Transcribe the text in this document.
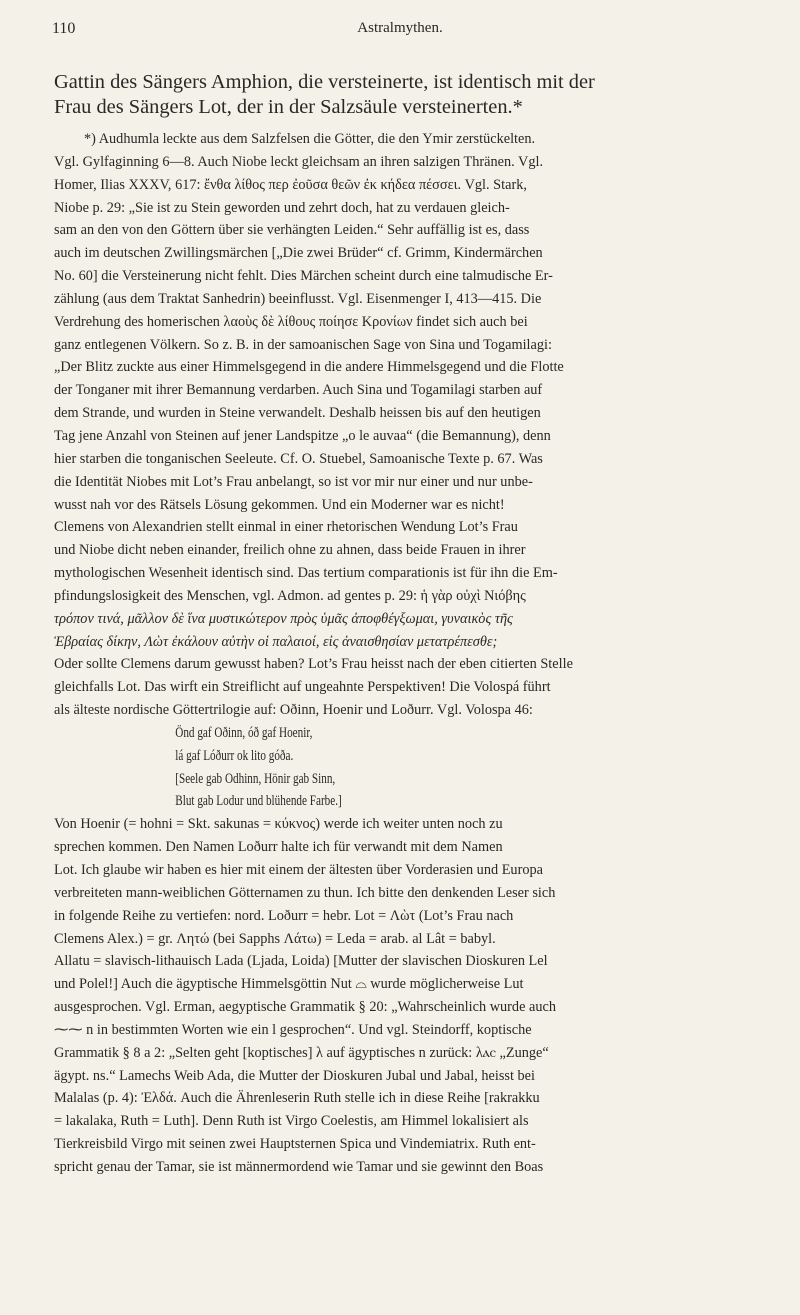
110	Astralmythen.

Gattin des Sängers Amphion, die versteinerte, ist identisch mit der
Frau des Sängers Lot, der in der Salzsäule versteinerten.*

*) Audhumla leckte aus dem Salzfelsen die Götter, die den Ymir zerstückelten.
Vgl. Gylfaginning 6—8. Auch Niobe leckt gleichsam an ihren salzigen Thränen. Vgl.
Homer, Ilias XXXV, 617: ἔνθα λίθος περ ἐοῦσα θεῶν ἐκ κήδεα πέσσει. Vgl. Stark,
Niobe p. 29: „Sie ist zu Stein geworden und zehrt doch, hat zu verdauen gleich-
sam an den von den Göttern über sie verhängten Leiden.“ Sehr auffällig ist es, dass
auch im deutschen Zwillingsmärchen [„Die zwei Brüder“ cf. Grimm, Kindermärchen
No. 60] die Versteinerung nicht fehlt. Dies Märchen scheint durch eine talmudische Er-
zählung (aus dem Traktat Sanhedrin) beeinflusst. Vgl. Eisenmenger I, 413—415. Die
Verdrehung des homerischen λαοὺς δὲ λίθους ποίησε Κρονίων findet sich auch bei
ganz entlegenen Völkern. So z. B. in der samoanischen Sage von Sina und Togamilagi:
„Der Blitz zuckte aus einer Himmelsgegend in die andere Himmelsgegend und die Flotte
der Tonganer mit ihrer Bemannung verdarben. Auch Sina und Togamilagi starben auf
dem Strande, und wurden in Steine verwandelt. Deshalb heissen bis auf den heutigen
Tag jene Anzahl von Steinen auf jener Landspitze „o le auvaa“ (die Bemannung), denn
hier starben die tonganischen Seeleute. Cf. O. Stuebel, Samoanische Texte p. 67. Was
die Identität Niobes mit Lot’s Frau anbelangt, so ist vor mir nur einer und nur unbe-
wusst nah vor des Rätsels Lösung gekommen. Und ein Moderner war es nicht!
Clemens von Alexandrien stellt einmal in einer rhetorischen Wendung Lot’s Frau
und Niobe dicht neben einander, freilich ohne zu ahnen, dass beide Frauen in ihrer
mythologischen Wesenheit identisch sind. Das tertium comparationis ist für ihn die Em-
pfindungslosigkeit des Menschen, vgl. Admon. ad gentes p. 29: ἡ γὰρ οὐχὶ Νιόβης
τρόπον τινά, μᾶλλον δὲ ἵνα μυστικώτερον πρὸς ὑμᾶς ἀποφθέγξωμαι, γυναικὸς τῆς
Ἑβραίας δίκην, Λὼτ ἐκάλουν αὐτὴν οἱ παλαιοί, εἰς ἀναισθησίαν μετατρέπεσθε;
Oder sollte Clemens darum gewusst haben? Lot’s Frau heisst nach der eben citierten Stelle
gleichfalls Lot. Das wirft ein Streiflicht auf ungeahnte Perspektiven! Die Volospá führt
als älteste nordische Göttertrilogie auf: Oðinn, Hoenir und Loðurr. Vgl. Volospa 46:
Önd gaf Oðinn, óð gaf Hoenir,
lá gaf Lóðurr ok lito góða.
[Seele gab Odhinn, Hönir gab Sinn,
Blut gab Lodur und blühende Farbe.]
Von Hoenir (= hohni = Skt. sakunas = κύκνος) werde ich weiter unten noch zu
sprechen kommen. Den Namen Loðurr halte ich für verwandt mit dem Namen
Lot. Ich glaube wir haben es hier mit einem der ältesten über Vorderasien und Europa
verbreiteten mann-weiblichen Götternamen zu thun. Ich bitte den denkenden Leser sich
in folgende Reihe zu vertiefen: nord. Loðurr = hebr. Lot = Λὼτ (Lot’s Frau nach
Clemens Alex.) = gr. Λητώ (bei Sapphs Λάτω) = Leda = arab. al Lât = babyl.
Allatu = slavisch-lithauisch Lada (Ljada, Loida) [Mutter der slavischen Dioskuren Lel
und Polel!] Auch die ägyptische Himmelsgöttin Nut ⌓ wurde möglicherweise Lut
ausgesprochen. Vgl. Erman, aegyptische Grammatik § 20: „Wahrscheinlich wurde auch
⁓⁓ n in bestimmten Worten wie ein l gesprochen“. Und vgl. Steindorff, koptische
Grammatik § 8 a 2: „Selten geht [koptisches] λ auf ägyptisches n zurück: λⲁⲥ „Zunge“
ägypt. ns.“ Lamechs Weib Ada, die Mutter der Dioskuren Jubal und Jabal, heisst bei
Malalas (p. 4): Ἐλδά. Auch die Ährenleserin Ruth stelle ich in diese Reihe [rakrakku
= lakalaka, Ruth = Luth]. Denn Ruth ist Virgo Coelestis, am Himmel lokalisiert als
Tierkreisbild Virgo mit seinen zwei Hauptsternen Spica und Vindemiatrix. Ruth ent-
spricht genau der Tamar, sie ist männermordend wie Tamar und sie gewinnt den Boas
